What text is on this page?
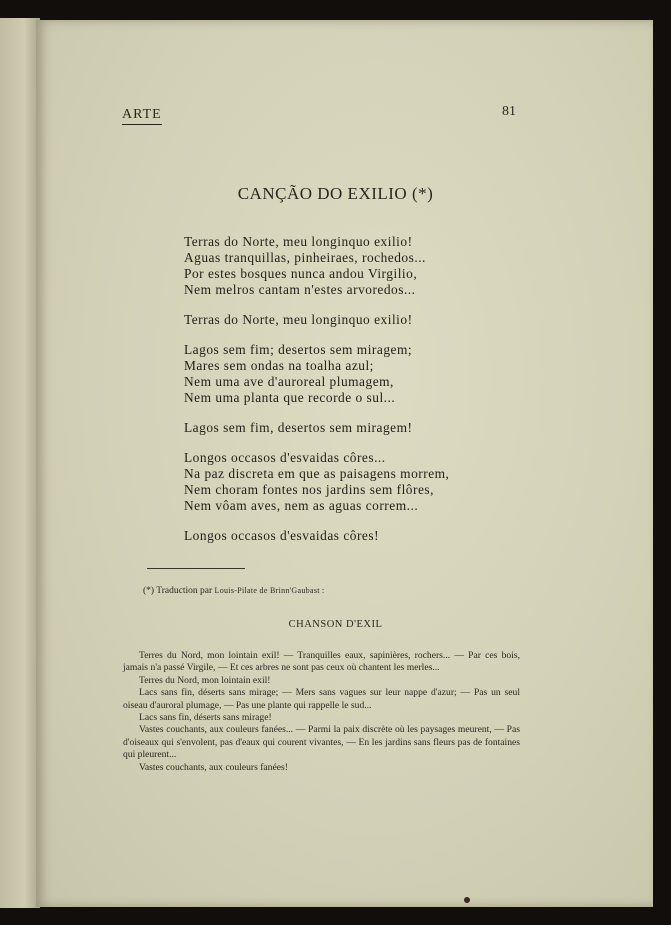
ARTE	81
CANÇÃO DO EXILIO (*)
Terras do Norte, meu longinquo exilio!
Aguas tranquillas, pinheiraes, rochedos...
Por estes bosques nunca andou Virgilio,
Nem melros cantam n'estes arvoredos...
Terras do Norte, meu longinquo exilio!
Lagos sem fim; desertos sem miragem;
Mares sem ondas na toalha azul;
Nem uma ave d'auroreal plumagem,
Nem uma planta que recorde o sul...
Lagos sem fim, desertos sem miragem!
Longos occasos d'esvaidas côres...
Na paz discreta em que as paisagens morrem,
Nem choram fontes nos jardins sem flôres,
Nem vôam aves, nem as aguas correm...
Longos occasos d'esvaidas côres!
(*) Traduction par Louis-Pilate de Brinn'Gaubast :
CHANSON D'EXIL

Terres du Nord, mon lointain exil! — Tranquilles eaux, sapinières, rochers... — Par ces bois, jamais n'a passé Virgile, — Et ces arbres ne sont pas ceux où chantent les merles...

Terres du Nord, mon lointain exil!

Lacs sans fin, déserts sans mirage; — Mers sans vagues sur leur nappe d'azur; — Pas un seul oiseau d'auroral plumage, — Pas une plante qui rappelle le sud...

Lacs sans fin, déserts sans mirage!

Vastes couchants, aux couleurs fanées... — Parmi la paix discrète où les paysages meurent, — Pas d'oiseaux qui s'envolent, pas d'eaux qui courent vivantes, — En les jardins sans fleurs pas de fontaines qui pleurent...

Vastes couchants, aux couleurs fanées!
